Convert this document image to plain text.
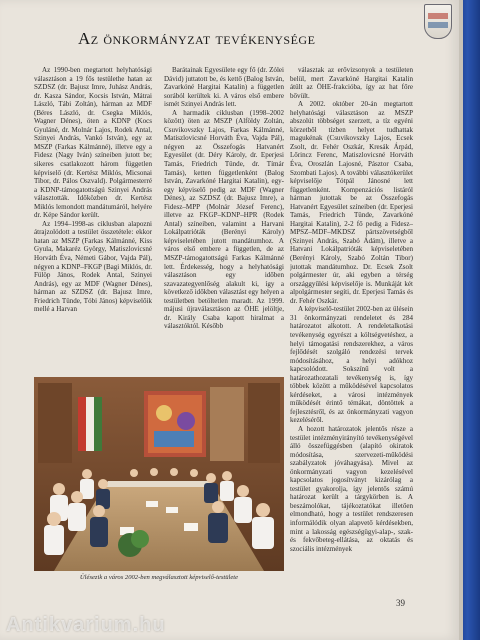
Az önkormányzat tevékenysége

Az 1990-ben megtartott helyhatósági választáson a 19 fős testülethe hatan az SZDSZ (dr. Bajusz Imre, Juhász András, dr. Kasza Sándor, Kocsis István, Mátrai László, Tábi Zoltán), hárman az MDF (Béres László, dr. Csegka Miklós, Wagner Dénes), öten a KDNP (Kocs Gyuláné, dr. Molnár Lajos, Rodek Antal, Szinyei András, Vankó István), egy az MSZP (Farkas Kálmánné), illetve egy a Fidesz (Nagy Iván) színeiben jutott be; sikeres csatlakozott három független képviselő (dr. Kertész Miklós, Micsonai Tibor, dr. Pálos Oszvald). Polgármesterré a KDNP-támogatottságú Szinyei András választották. Időközben dr. Kertész Miklós lemondott mandátumáról, helyére dr. Képe Sándor került.

Az 1994–1998-as ciklusban alapozni átrajzolódott a testület összetétele: ekkor hatan az MSZP (Farkas Kálmánné, Kiss Gyula, Makaréz György, Matiszlovicsné Horváth Éva, Németi Gábor, Vajda Pál), négyen a KDNP–FKGP (Bagi Miklós, dr. Fülöp János, Rodek Antal, Szinyei András), egy az MDF (Wagner Dénes), hárman az SZDSZ (dr. Bajusz Imre, Friedrich Tünde, Tóbi János) képviselőik mellé a Harvan

Barátainak Egyesülete egy fő (dr. Zólei Dávid) juttatott be, és kettő (Balog István, Zavarkóné Hargitai Katalin) a független sorából kerültek ki. A város első embere ismét Szinyei András lett.

A harmadik ciklusban (1998–2002 között) öten az MSZP (Alföldy Zoltán, Csuvikovszky Lajos, Farkas Kálmánné, Matiszlovicsné Horváth Éva, Vajda Pál), négyen az Összefogás Hatvanért Egyesület (dr. Déry Károly, dr. Eperjesi Tamás, Friedrich Tünde, dr. Tímár Tamás), ketten függetlenként (Balog István, Zavarkóné Hargitai Katalin), egy-egy képviselő pedig az MDF (Wagner Dénes), az SZDSZ (dr. Bajusz Imre), a Fidesz–MPP (Molnár József Ferenc), illetve az FKGP–KDNP–HPR (Rodek Antal) színeiben, valamint a Harvani Lokálpatrióták (Berényi Károly) képviseletében jutott mandátumhoz. A város első embere a független, de az MSZP-támogatottságú Farkas Kálmánné lett. Érdekesség, hogy a helyhatósági választáson egy időben szavazategyenlőség alakult ki, így a következő időkben választást egy helyen a testületben betöltetlen maradt. Az 1999. májusi újraválasztáson az ÖHE jelöltje, dr. Király Csaba kapott hiralmat a választóktól. Később

választak az erővizsonyok a testületen belül, mert Zavarkóné Hargitai Katalin átült az ÖHE-frakcióba, így az hat főre bővült.

A 2002. október 20-án megtartott helyhatósági választáson az MSZP abszolút többséget szerzett, a tíz egyéni körzetből tízben helyet tudhattak magukénak (Csuvikovszky Lajos, Ecsek Zsolt, dr. Fehér Oszkár, Kresák Árpád, Lőrincz Ferenc, Matiszlovicsné Horváth Éva, Oroszlán Lajosné, Pásztor Csaba, Szombati Lajos). A további választókerület képviselője Tótpál Jánosné lett függetlenként. Kompenzációs listáról hárman jutottak be az Összefogás Hatvanért Egyesület színeiben (dr. Eperjesi Tamás, Friedrich Tünde, Zavarkóné Hargitai Katalin), 2-2 fő pedig a Fidesz–MPSZ–MDF–MKDSZ pártszövetségből (Szinyei András, Szabó Ádám), illetve a Hatvani Lokálpatrióták képviseletében (Berényi Károly, Szabó Zoltán Tibor) jutottak mandátumhoz. Dr. Ecsek Zsolt polgármester úr, aki egyben a térség országgyűlési képviselője is. Munkáját két alpolgármester segíti, dr. Eperjesi Tamás és dr. Fehér Oszkár.

A képviselő-testület 2002-ben az ülésein 31 önkormányzati rendeletet és 284 határozatot alkotott. A rendeletalkotási tevékenység egyrészt a költségvetéshez, a helyi támogatási rendszerekhez, a város fejlődését szolgáló rendezési tervek módosításához, a helyi adókhoz kapcsolódott. Sokszínű volt a határozathozatali tevékenység is, így többek között a működésével kapcsolatos kérdéseket, a városi intézmények működését érintő témákat, döntöttek a fejlesztésről, és az önkormányzati vagyon kezeléséről.

A hozott határozatok jelentős része a testület intézményirányító tevékenységével álló összefüggésben (alapító okiratok módosítása, szervezeti-működési szabályzatok jóváhagyása). Mivel az önkormányzati vagyon kezelésével kapcsolatos jogosítványt kizárólag a testület gyakorolja, így jelentős számú határozat került a tárgykörben is. A beszámolókat, tájékoztatókat illetően elmondható, hogy a testület rendszeresen informálódik olyan alapvető kérdésekben, mint a lakosság egészségügyi-alap-, szak- és fekvőbeteg-ellátása, az oktatás és szociális intézmények

Ülésezik a város 2002-ben megválasztott képviselő-testülete
39
Antikvarium.hu
